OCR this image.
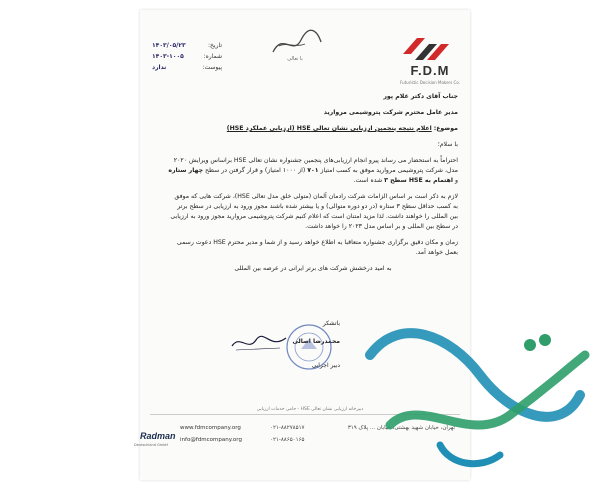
F.D.M
Futuristic Decision Makers Co.
با تعالی
تاریخ:
۱۴۰۳/۰۵/۲۳
شماره:
۱۴۰۳-۱۰۰۵
پیوست:
ندارد

جناب آقای دکتر غلام پور

مدیر عامل محترم شرکت پتروشیمی مروارید

موضوع: اعلام نتیجه پنجمین ارزیابی نشان تعالی HSE (ارزیابی عملکرد HSE)

با سلام؛

احتراماً به استحضار می رساند پیرو انجام ارزیابی‌های پنجمین جشنواره نشان تعالی HSE براساس ویرایش ۲۰۲۰ مدل، شرکت پتروشیمی مروارید موفق به کسب امتیاز ۷۰۱ (از ۱۰۰۰ امتیاز) و قرار گرفتن در سطح چهار ستاره و اهتمام به HSE سطح ۳ شده است.

لازم به ذکر است بر اساس الزامات شرکت رادمان آلمان (متولی خلق مدل تعالی HSE)، شرکت هایی که موفق به کسب حداقل سطح ۳ ستاره (در دو دوره متوالی) و یا بیشتر شده باشند مجوز ورود به ارزیابی در سطح برتر بین المللی را خواهند داشت. لذا مزید امتنان است که اعلام کنیم شرکت پتروشیمی مروارید مجوز ورود به ارزیابی در سطح بین المللی و بر اساس مدل ۲۰۲۳ را خواهد داشت.

زمان و مکان دقیق برگزاری جشنواره متعاقبا به اطلاع خواهد رسید و از شما و مدیر محترم HSE دعوت رسمی بعمل خواهد آمد.

به امید درخشش شرکت های برتر ایرانی در عرصه بین المللی

باتشکر
محمدرضا اصالی
دبیر اجرایی
دبیرخانه ارزیابی نشان تعالی HSE - حامی خدمات ارزیابی
www.fdmcompany.org
info@fdmcompany.org
۰۲۱-۸۸۲۷۸۵۱۷
۰۲۱-۸۸۶۵۰۱۶۵
تهران، خیابان شهید بهشتی، خیابان ... پلاک ۳۱۹
Radman
Deutschland GmbH
